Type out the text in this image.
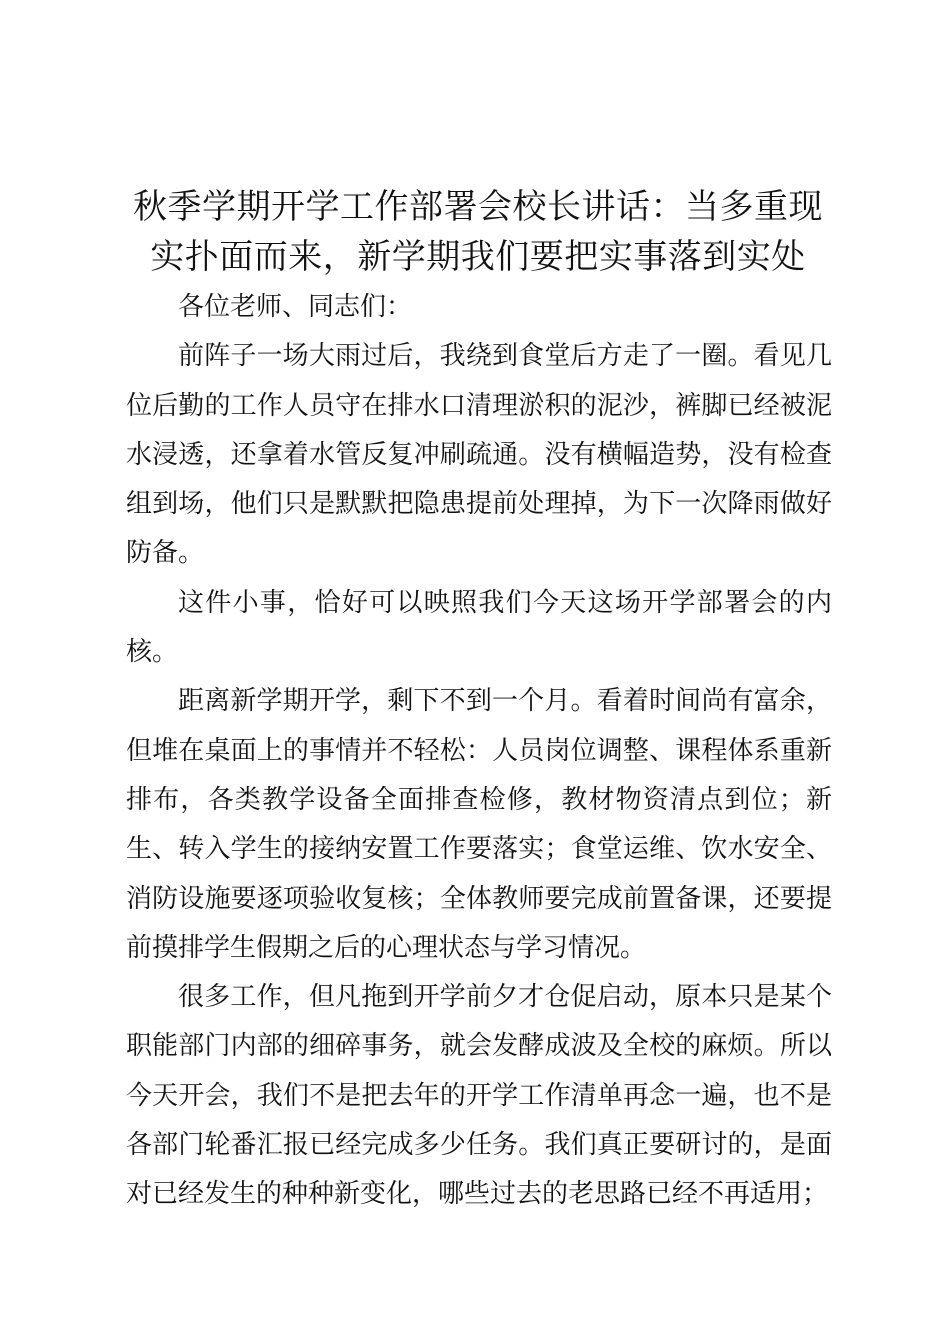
秋季学期开学工作部署会校长讲话：当多重现实扑面而来，新学期我们要把实事落到实处

各位老师、同志们：

前阵子一场大雨过后，我绕到食堂后方走了一圈。看见几位后勤的工作人员守在排水口清理淤积的泥沙，裤脚已经被泥水浸透，还拿着水管反复冲刷疏通。没有横幅造势，没有检查组到场，他们只是默默把隐患提前处理掉，为下一次降雨做好防备。

这件小事，恰好可以映照我们今天这场开学部署会的内核。

距离新学期开学，剩下不到一个月。看着时间尚有富余，但堆在桌面上的事情并不轻松：人员岗位调整、课程体系重新排布，各类教学设备全面排查检修，教材物资清点到位；新生、转入学生的接纳安置工作要落实；食堂运维、饮水安全、消防设施要逐项验收复核；全体教师要完成前置备课，还要提前摸排学生假期之后的心理状态与学习情况。

很多工作，但凡拖到开学前夕才仓促启动，原本只是某个职能部门内部的细碎事务，就会发酵成波及全校的麻烦。所以今天开会，我们不是把去年的开学工作清单再念一遍，也不是各部门轮番汇报已经完成多少任务。我们真正要研讨的，是面对已经发生的种种新变化，哪些过去的老思路已经不再适用；
